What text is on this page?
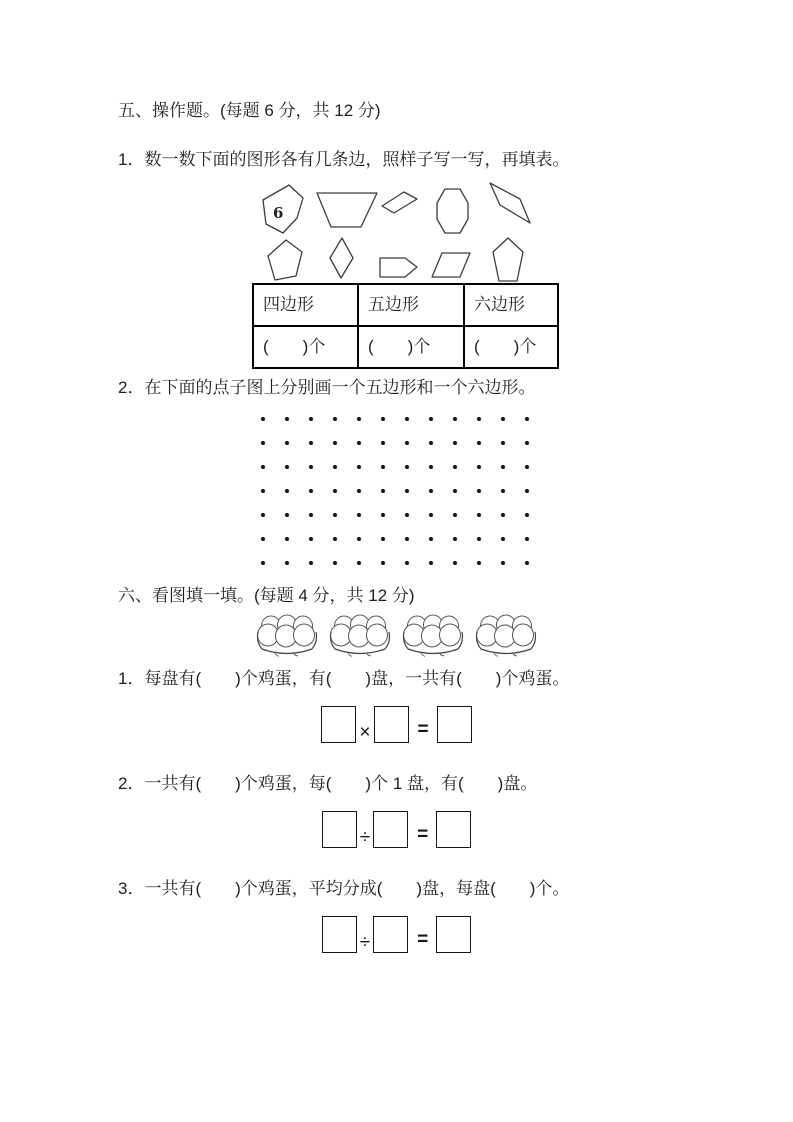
五、操作题。(每题 6 分，共 12 分)
1．数一数下面的图形各有几条边，照样子写一写，再填表。
6
四边形	五边形	六边形
(　　)个	(　　)个	(　　)个
2．在下面的点子图上分别画一个五边形和一个六边形。
六、看图填一填。(每题 4 分，共 12 分)
1．每盘有(　　)个鸡蛋，有(　　)盘，一共有(　　)个鸡蛋。
×	=
2．一共有(　　)个鸡蛋，每(　　)个 1 盘，有(　　)盘。
÷	=
3．一共有(　　)个鸡蛋，平均分成(　　)盘，每盘(　　)个。
÷	=
